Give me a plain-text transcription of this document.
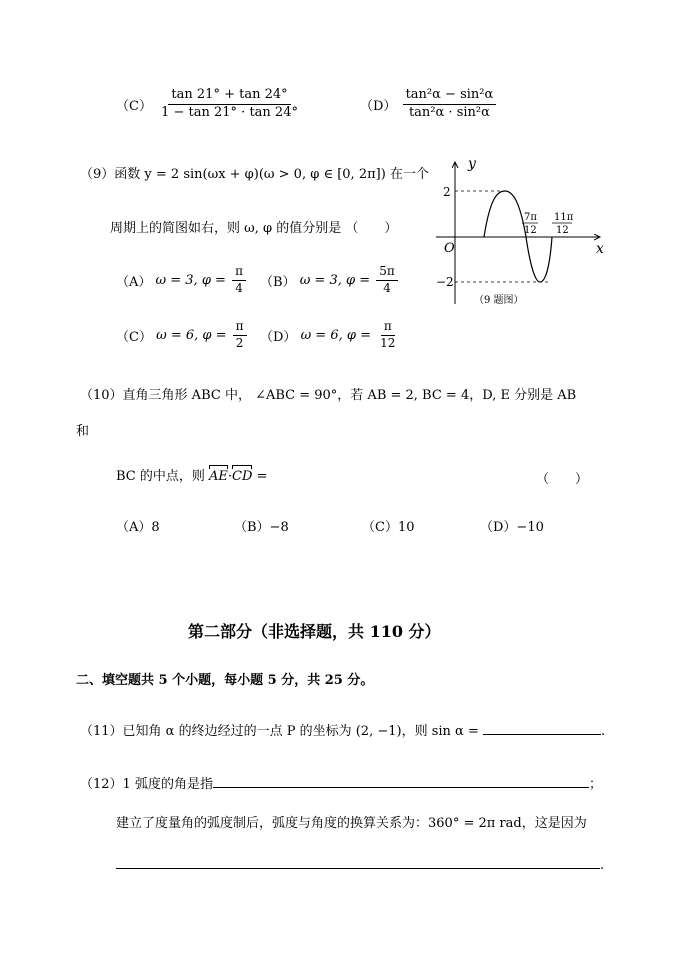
$(C) \frac{\tan 21^\circ + \tan 24^\circ}{1 - \tan 21^\circ \cdot \tan 24^\circ}$	$(D) \frac{\text{tan²α − sin²α}}{\text{tan²α · sin²α}}$
（9）函数 y = 2 sin(ωx + φ)(ω > 0, φ ∈ [0, 2π]) 在一个
周期上的简图如右，则 ω, φ 的值分别是 （　　）
（A） ω = 3, $\varphi = \frac{\pi}{4} (B) \omega = 3$, $\varphi = \frac{5\pi}{4}$
（C） ω = 6, $\varphi = \frac{\pi}{2} (D) \omega = 6$, $\varphi = \frac{\pi}{12}$
y
x
O
2
−2
7π
12
11π
12
（9 题图）
（10）直角三角形 ABC 中， ∠ABC = 90°，若 AB = 2, BC = 4，D, E 分别是 AB
和
BC 的中点，则 AE·CD =	（　　）
（A）8	（B）−8	（C）10	（D）−10
第二部分（非选择题，共 110 分）
二、填空题共 5 个小题，每小题 5 分，共 25 分。
（11）已知角 α 的终边经过的一点 P 的坐标为 (2, −1)，则 sin α =	.
（12）1 弧度的角是指	；
建立了度量角的弧度制后，弧度与角度的换算关系为：360° = 2π rad，这是因为
.
